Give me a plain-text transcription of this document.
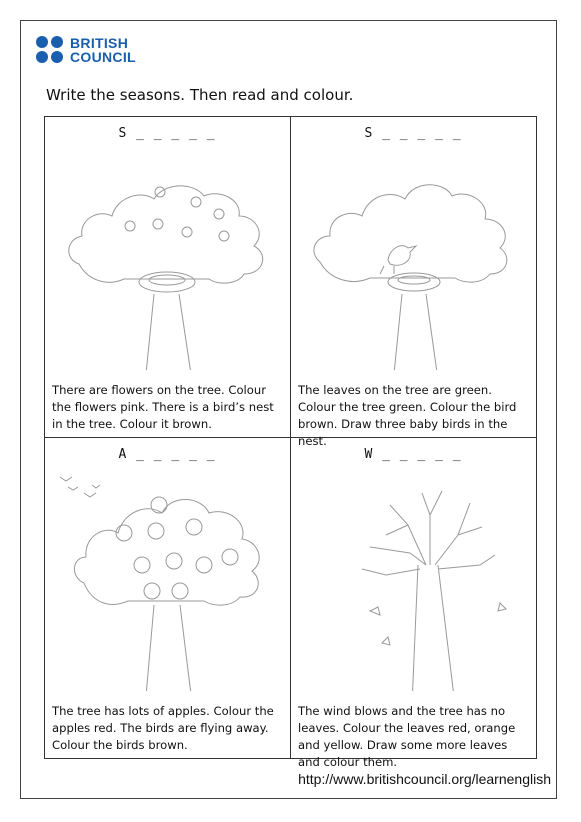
BRITISH
COUNCIL
Write the seasons. Then read and colour.
S _ _ _ _ _
There are flowers on the tree. Colour the flowers pink. There is a bird’s nest in the tree. Colour it brown.
S _ _ _ _ _
The leaves on the tree are green. Colour the tree green. Colour the bird brown. Draw three baby birds in the nest.
A _ _ _ _ _
The tree has lots of apples. Colour the apples red. The birds are flying away. Colour the birds brown.
W _ _ _ _ _
The wind blows and the tree has no leaves. Colour the leaves red, orange and yellow. Draw some more leaves and colour them.
http://www.britishcouncil.org/learnenglish
